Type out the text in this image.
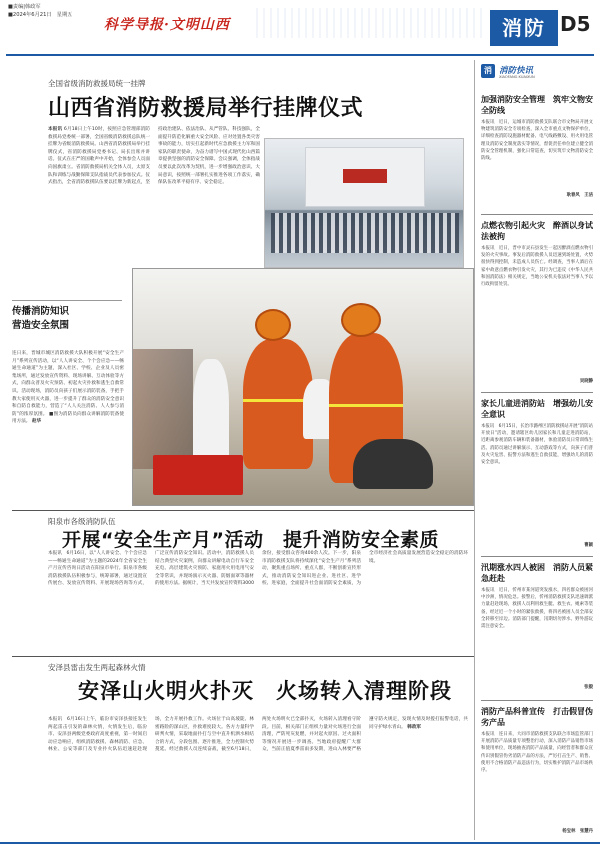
■责编|韩政军
■2024年6月21日　星期五
科学导报·文明山西	消防 D5
全国省级消防救援局统一挂牌
山西省消防救援局举行挂牌仪式
本报讯 6月18日上午10时，按照应急管理部消防救援局党委统一部署，全国省级消防救援总队统一挂牌为省级消防救援局。山西省消防救援局举行挂牌仪式，省消防救援局党委书记、局长出席并讲话。仪式在庄严的国歌声中开始，全体参会人员面向国旗肃立。省消防救援局机关全体人员，太原支队和训练与战勤保障支队指战员代表参加仪式。仪式指出，全省消防救援队伍要以挂牌为新起点，坚持政治建队、依法治队、从严管队、科技强队，全面提升防范化解重大安全风险、应对处置各类灾害事故的能力，切实扛起新时代应急救援主力军和国家队的职责使命，为奋力谱写中国式现代化山西篇章提供坚强的消防安全保障。会议强调，全体指战员要以此次改革为契机，进一步增强政治意识、大局意识，按照统一部署扎实推进各项工作落实，确保队伍改革平稳有序、安全稳定。
传播消防知识
营造安全氛围
连日来，晋城市城区消防救援大队积极开展“安全生产月”系列宣传活动，以“人人讲安全、个个会应急——畅通生命通道”为主题，深入社区、学校、企业及人员密集场所，通过发放宣传资料、现场讲解、互动体验等方式，向群众普及火灾预防、初起火灾扑救和逃生自救常识。活动现场，消防员向孩子们展示消防装备，手把手教大家使用灭火器，进一步提升了群众的消防安全意识和自防自救能力，营造了“人人关注消防、人人参与消防”的浓厚氛围。 ■图为消防员向群众讲解消防装备使用方法。 赵华
阳泉市各级消防队伍
开展“安全生产月”活动　提升消防安全素质
本报讯　6月16日，以“人人讲安全、个个会应急——畅通生命通道”为主题的2024年全省安全生产月宣传咨询日活动在阳泉市举行。阳泉市各级消防救援队伍积极参与，统筹部署，通过设置宣传展台、发放宣传资料、开展现场咨询等方式，广泛宣传消防安全知识。活动中，消防救援人员结合典型火灾案例，向群众讲解电动自行车安全充电、高层建筑火灾预防、家庭用火用电用气安全等常识，并现场演示灭火器、防烟面罩等器材的使用方法。据统计，当天共发放宣传资料3000余份，接受群众咨询400余人次。下一步，阳泉市消防救援支队将持续深化“安全生产月”系列活动，聚焦重点场所、重点人群，不断创新宣传形式，推动消防安全知识进企业、进社区、进学校、进家庭，全面提升社会面消防安全素质，为全市经济社会高质量发展营造安全稳定的消防环境。
安泽县雷击发生两起森林火情
安泽山火明火扑灭　火场转入清理阶段
本报讯　6月16日上午，临汾市安泽县接连发生两起雷击引发的森林火情，火情发生后，临汾市、安泽县两级党委政府高度重视，第一时间启动应急响应，组织消防救援、森林消防、应急、林业、公安等部门及专业扑火队伍迅速赶赴现场，全力开展扑救工作。火场位于山高坡陡、林密路险的深山区，扑救难度较大。各方力量科学研判火情，采取地面扑打与空中直升机洒水相结合的方式，分段包围、逐片推进，全力控制火势蔓延。经过救援人员连续奋战，截至6月18日，两处火场明火已全部扑灭，火场转入清理看守阶段。目前，相关部门正组织力量对火场进行全面清理，严防死灰复燃，并对起火原因、过火面积等情况开展进一步调查。当地政府提醒广大群众，当前正值夏季雷雨多发期，进山入林要严格遵守防火规定，发现火情及时拨打报警电话，共同守护绿水青山。 韩政军
消 消防快讯
XIAOFANG KUAIXUN
加强消防安全管理　筑牢文物安全防线
本报讯　近日，运城市消防救援支队联合市文物局开展文物建筑消防安全专项检查，深入全市重点文物保护单位，详细检查消防设施器材配备、电气线路敷设、用火用电管理及消防安全制度落实等情况，督促责任单位建立健全消防安全管理机制，强化日常巡查，切实筑牢文物消防安全防线。
耿春风　王洁
点燃衣物引起火灾　醉酒以身试法被拘
本报讯　近日，晋中市灵石县发生一起因醉酒点燃衣物引发的火灾事故。事发后消防救援人员迅速到场处置，火势很快得到控制，未造成人员伤亡。经调查，当事人酒后在家中故意点燃衣物引发火灾，其行为已违反《中华人民共和国消防法》相关规定，当地公安机关依法对当事人予以行政拘留处罚。
吴晓静
家长儿童进消防站　增强幼儿安全意识
本报讯　6月15日，长治市潞州区消防救援站开展“消防站开放日”活动，邀请辖区幼儿园家长和儿童走进消防站，近距离参观消防车辆和装备器材，体验消防员日常训练生活。消防员通过讲解演示、互动游戏等方式，向孩子们普及火灾危害、报警方法和逃生自救技能，增强幼儿的消防安全意识。
曹颖
汛期涨水四人被困　消防人员紧急赶赴
本报讯　近日，忻州市某河道突发涨水，四名群众被困河中沙洲，情况危急。接警后，忻州消防救援支队迅速调派力量赶赴现场，救援人员利用救生艇、救生衣、绳索等装备，经过近一个小时的紧张救援，将四名被困人员全部安全转移至岸边。消防部门提醒，汛期切勿涉水、野外游玩需注意安全。
张毅
消防产品科普宣传　打击假冒伪劣产品
本报讯　连日来，大同市消防救援支队联合市场监管部门开展消防产品质量专项整治行动，深入消防产品销售市场和使用单位，现场抽查消防产品质量，向经营者和群众宣传识别假冒伪劣消防产品的方法，严厉打击生产、销售、使用不合格消防产品违法行为，切实维护消防产品市场秩序。
杨宝林　张慧丹
